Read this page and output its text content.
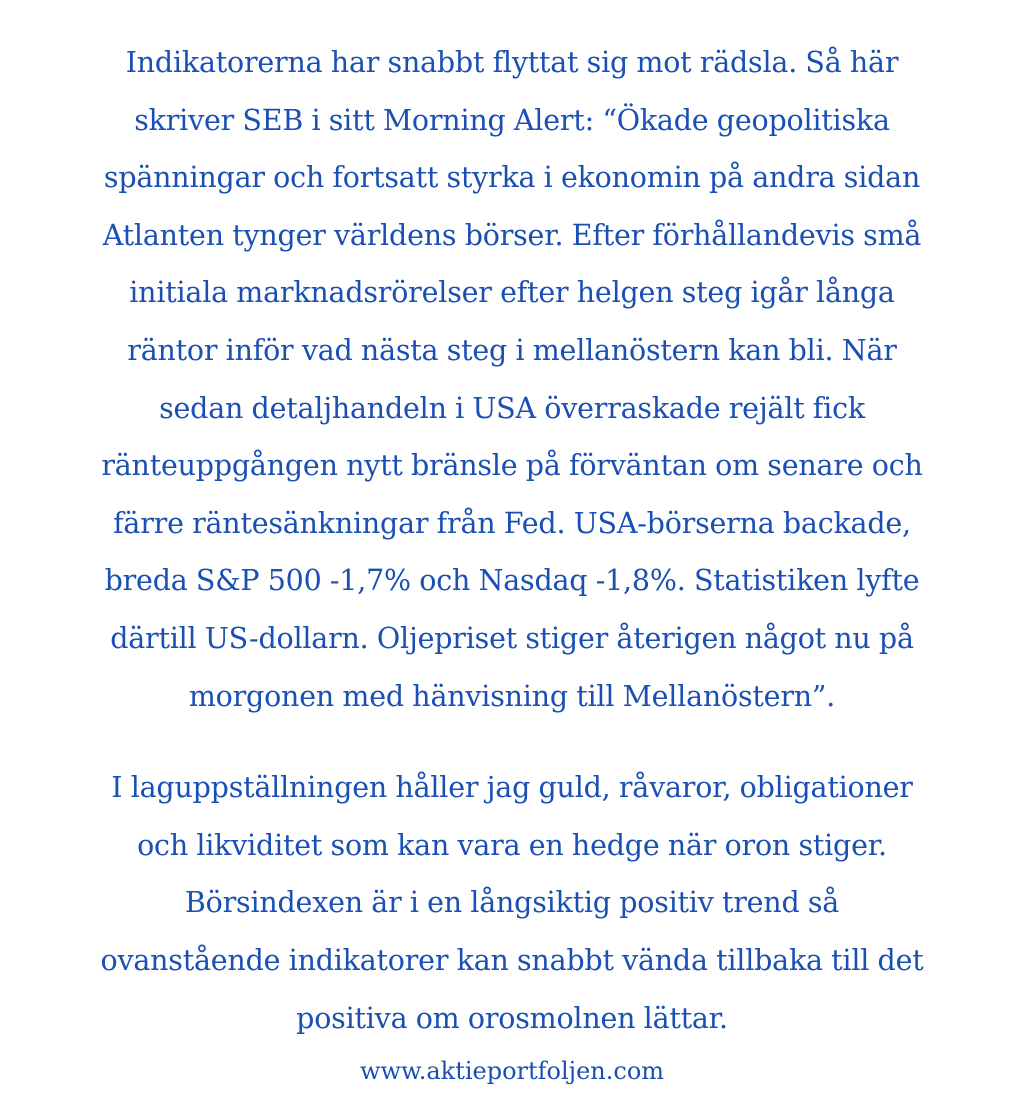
Indikatorerna har snabbt flyttat sig mot rädsla. Så här
skriver SEB i sitt Morning Alert: “Ökade geopolitiska
spänningar och fortsatt styrka i ekonomin på andra sidan
Atlanten tynger världens börser. Efter förhållandevis små
initiala marknadsrörelser efter helgen steg igår långa
räntor inför vad nästa steg i mellanöstern kan bli. När
sedan detaljhandeln i USA överraskade rejält fick
ränteuppgången nytt bränsle på förväntan om senare och
färre räntesänkningar från Fed. USA-börserna backade,
breda S&P 500 -1,7% och Nasdaq -1,8%. Statistiken lyfte
därtill US-dollarn. Oljepriset stiger återigen något nu på
morgonen med hänvisning till Mellanöstern”.

I laguppställningen håller jag guld, råvaror, obligationer
och likviditet som kan vara en hedge när oron stiger.
Börsindexen är i en långsiktig positiv trend så
ovanstående indikatorer kan snabbt vända tillbaka till det
positiva om orosmolnen lättar.

www.aktieportfoljen.com
